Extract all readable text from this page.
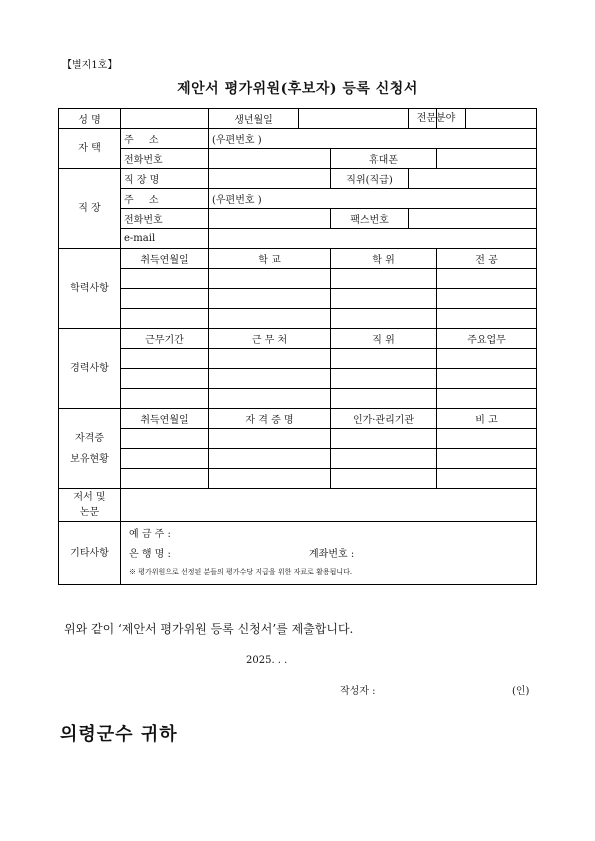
【별지1호】
제안서 평가위원(후보자) 등록 신청서
성 명		생년월일				전문분야

자 택	주 소	(우편번호 )				
	전화번호			휴대폰		
직 장	직 장 명			직위(직급)		
	주 소	(우편번호 )				
	전화번호			팩스번호		
	e-mail					
학력사항	취득연월일	학 교		학 위		전 공

경력사항	근무기간	근 무 처		직 위		주요업무

자격증
보유현황	취득연월일	자 격 증 명		인가·관리기관		비 고

저서 및
논문						
기타사항	예 금 주 :
은 행 명 : 계좌번호 :
※ 평가위원으로 선정된 분들의 평가수당 지급을 위한 자료로 활용됩니다.					
위와 같이 ‘제안서 평가위원 등록 신청서’를 제출합니다.
2025. . .
작성자 :	(인)
의령군수 귀하
